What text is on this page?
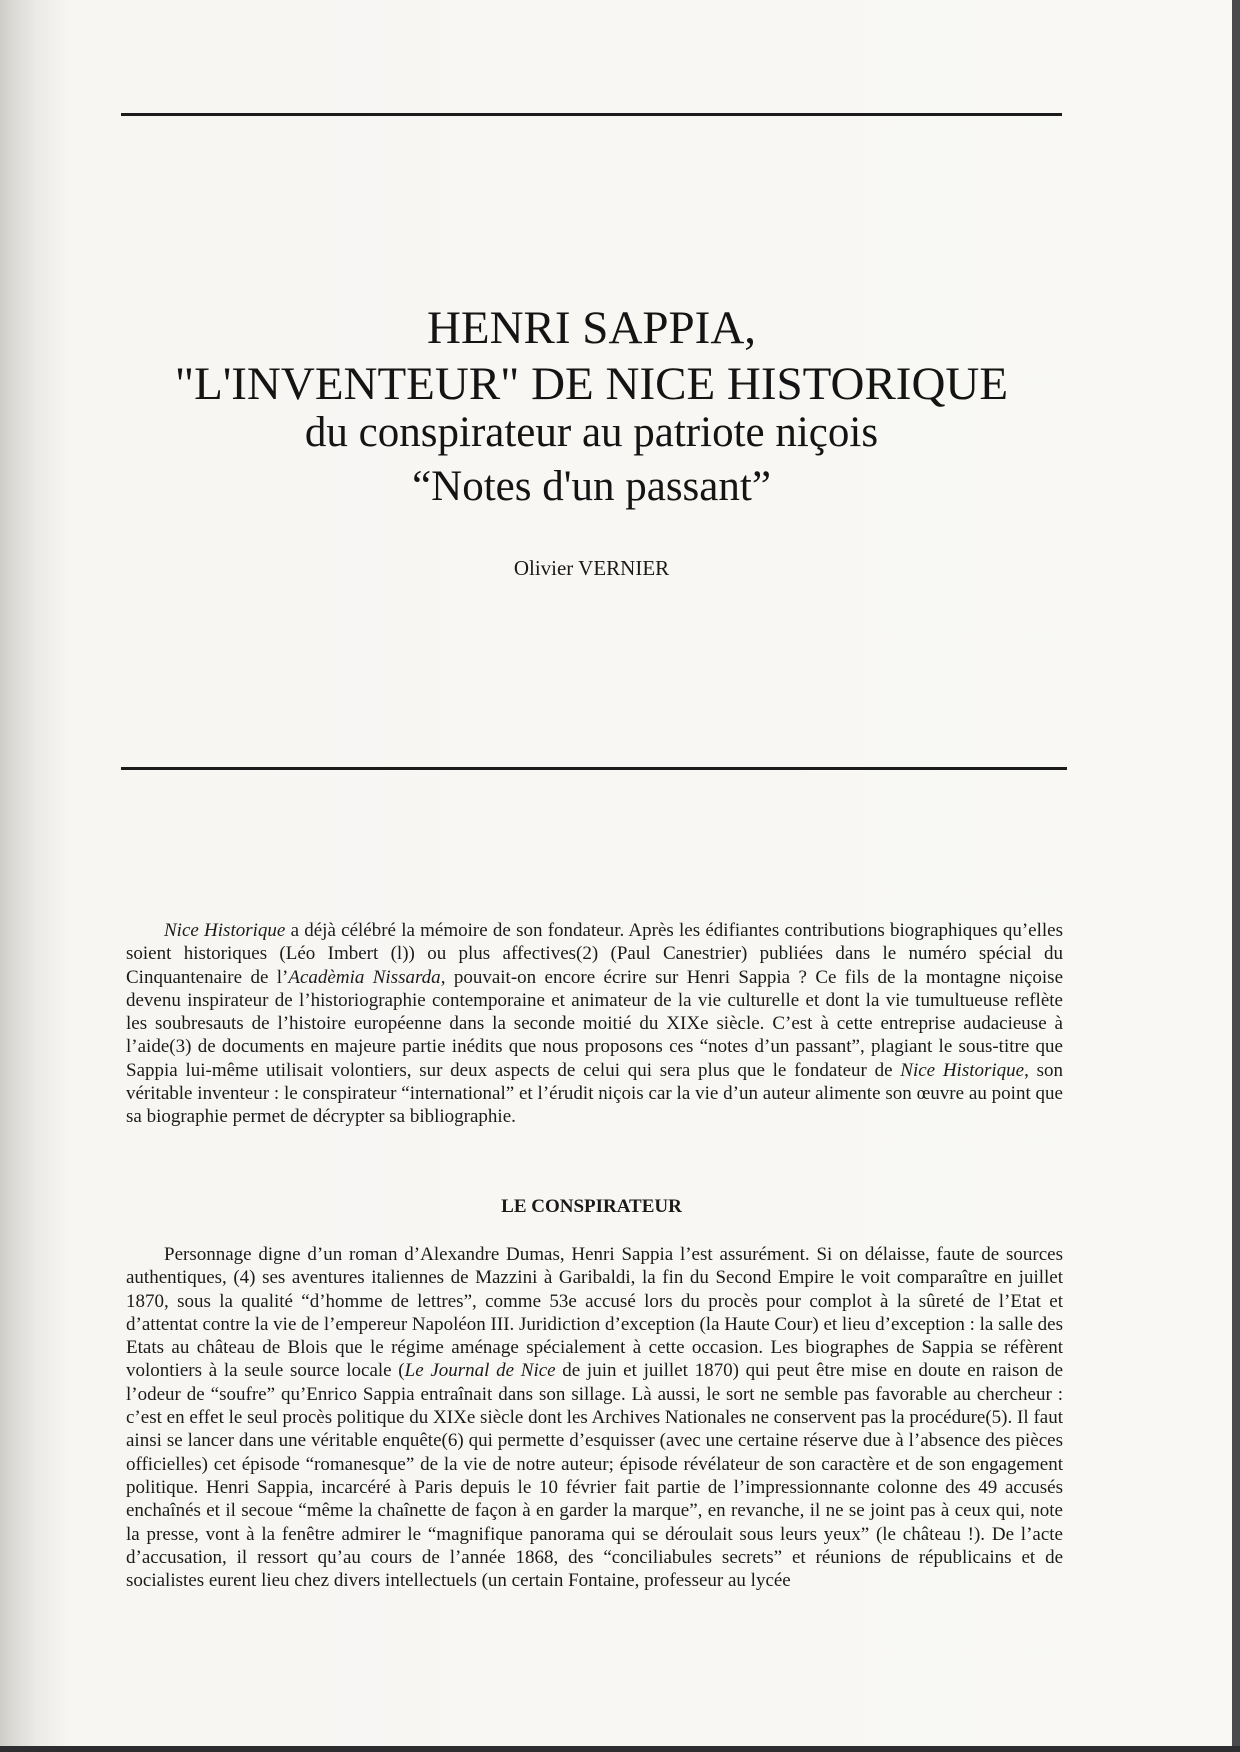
HENRI SAPPIA,
"L'INVENTEUR" DE NICE HISTORIQUE
du conspirateur au patriote niçois
“Notes d'un passant”
Olivier VERNIER

Nice Historique a déjà célébré la mémoire de son fondateur. Après les édifiantes contributions biographiques qu’elles soient historiques (Léo Imbert (l)) ou plus affectives(2) (Paul Canestrier) publiées dans le numéro spécial du Cinquantenaire de l’Acadèmia Nissarda, pouvait-on encore écrire sur Henri Sappia ? Ce fils de la montagne niçoise devenu inspirateur de l’historiographie contemporaine et animateur de la vie culturelle et dont la vie tumultueuse reflète les soubresauts de l’histoire européenne dans la seconde moitié du XIXe siècle. C’est à cette entreprise audacieuse à l’aide(3) de documents en majeure partie inédits que nous proposons ces “notes d’un passant”, plagiant le sous-titre que Sappia lui-même utilisait volontiers, sur deux aspects de celui qui sera plus que le fondateur de Nice Historique, son véritable inventeur : le conspirateur “international” et l’érudit niçois car la vie d’un auteur alimente son œuvre au point que sa biographie permet de décrypter sa bibliographie.

LE CONSPIRATEUR

Personnage digne d’un roman d’Alexandre Dumas, Henri Sappia l’est assurément. Si on délaisse, faute de sources authentiques, (4) ses aventures italiennes de Mazzini à Garibaldi, la fin du Second Empire le voit comparaître en juillet 1870, sous la qualité “d’homme de lettres”, comme 53e accusé lors du procès pour complot à la sûreté de l’Etat et d’attentat contre la vie de l’empereur Napoléon III. Juridiction d’exception (la Haute Cour) et lieu d’exception : la salle des Etats au château de Blois que le régime aménage spécialement à cette occasion. Les biographes de Sappia se réfèrent volontiers à la seule source locale (Le Journal de Nice de juin et juillet 1870) qui peut être mise en doute en raison de l’odeur de “soufre” qu’Enrico Sappia entraînait dans son sillage. Là aussi, le sort ne semble pas favorable au chercheur : c’est en effet le seul procès politique du XIXe siècle dont les Archives Nationales ne conservent pas la procédure(5). Il faut ainsi se lancer dans une véritable enquête(6) qui permette d’esquisser (avec une certaine réserve due à l’absence des pièces officielles) cet épisode “romanesque” de la vie de notre auteur; épisode révélateur de son caractère et de son engagement politique. Henri Sappia, incarcéré à Paris depuis le 10 février fait partie de l’impressionnante colonne des 49 accusés enchaînés et il secoue “même la chaînette de façon à en garder la marque”, en revanche, il ne se joint pas à ceux qui, note la presse, vont à la fenêtre admirer le “magnifique panorama qui se déroulait sous leurs yeux” (le château !). De l’acte d’accusation, il ressort qu’au cours de l’année 1868, des “conciliabules secrets” et réunions de républicains et de socialistes eurent lieu chez divers intellectuels (un certain Fontaine, professeur au lycée
